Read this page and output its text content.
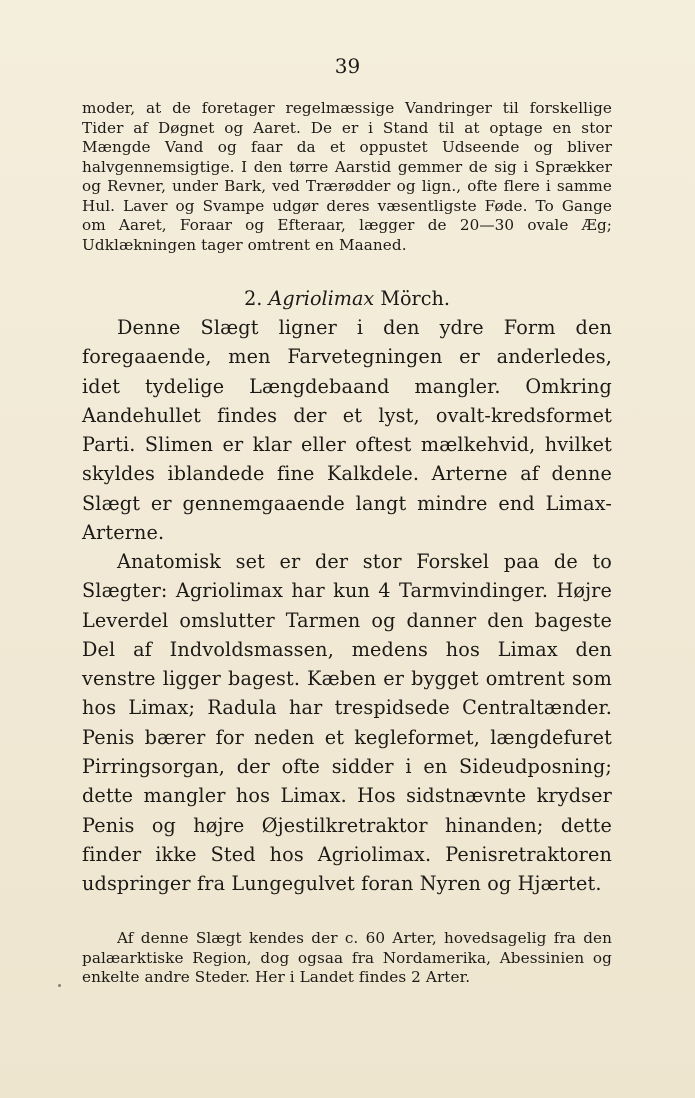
39

moder, at de foretager regelmæssige Vandringer til forskellige Tider af Døgnet og Aaret. De er i Stand til at optage en stor Mængde Vand og faar da et oppustet Udseende og bliver halvgennemsigtige. I den tørre Aarstid gemmer de sig i Sprækker og Revner, under Bark, ved Trærødder og lign., ofte flere i samme Hul. Laver og Svampe udgør deres væsentligste Føde. To Gange om Aaret, Foraar og Efteraar, lægger de 20—30 ovale Æg; Udklækningen tager omtrent en Maaned.

2. Agriolimax Mörch.

Denne Slægt ligner i den ydre Form den foregaaende, men Farvetegningen er anderledes, idet tydelige Længdebaand mangler. Omkring Aandehullet findes der et lyst, ovalt-kredsformet Parti. Slimen er klar eller oftest mælkehvid, hvilket skyldes iblandede fine Kalkdele. Arterne af denne Slægt er gennemgaaende langt mindre end Limax-Arterne.

Anatomisk set er der stor Forskel paa de to Slægter: Agriolimax har kun 4 Tarmvindinger. Højre Leverdel omslutter Tarmen og danner den bageste Del af Indvoldsmassen, medens hos Limax den venstre ligger bagest. Kæben er bygget omtrent som hos Limax; Radula har trespidsede Centraltænder. Penis bærer for neden et kegleformet, længdefuret Pirringsorgan, der ofte sidder i en Sideudposning; dette mangler hos Limax. Hos sidstnævnte krydser Penis og højre Øjestilkretraktor hinanden; dette finder ikke Sted hos Agriolimax. Penisretraktoren udspringer fra Lungegulvet foran Nyren og Hjærtet.

Af denne Slægt kendes der c. 60 Arter, hovedsagelig fra den palæarktiske Region, dog ogsaa fra Nordamerika, Abessinien og enkelte andre Steder. Her i Landet findes 2 Arter.
